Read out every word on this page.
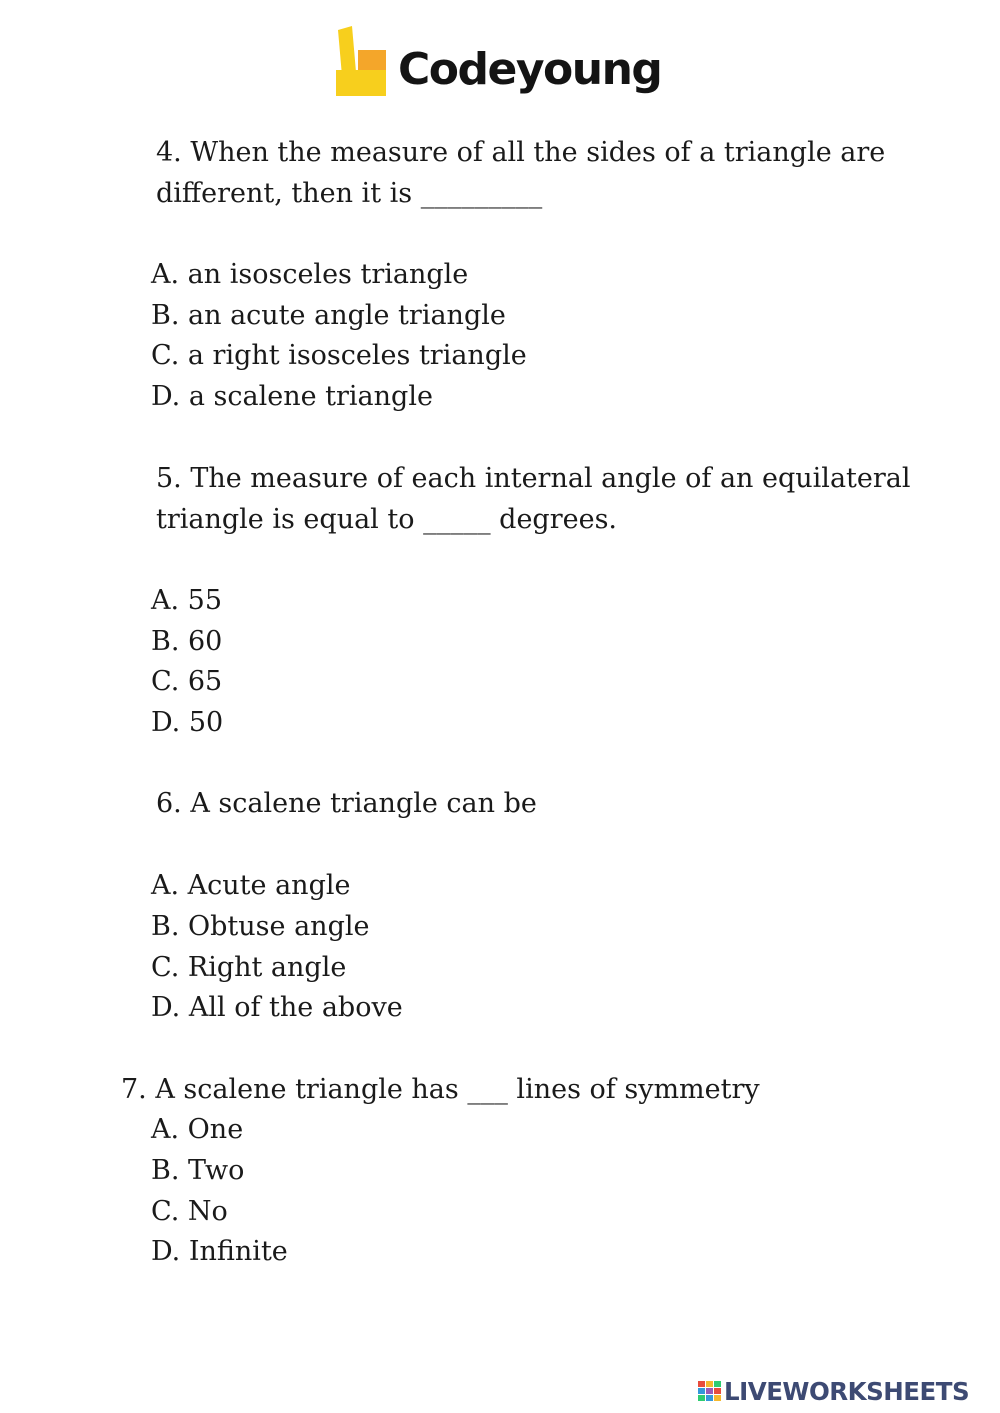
Codeyoung
4. When the measure of all the sides of a triangle are
different, then it is _________
A. an isosceles triangle
B. an acute angle triangle
C. a right isosceles triangle
D. a scalene triangle
5. The measure of each internal angle of an equilateral
triangle is equal to _____ degrees.
A. 55
B. 60
C. 65
D. 50
6. A scalene triangle can be
A. Acute angle
B. Obtuse angle
C. Right angle
D. All of the above
7. A scalene triangle has ___ lines of symmetry
A. One
B. Two
C. No
D. Infinite
LIVEWORKSHEETS
